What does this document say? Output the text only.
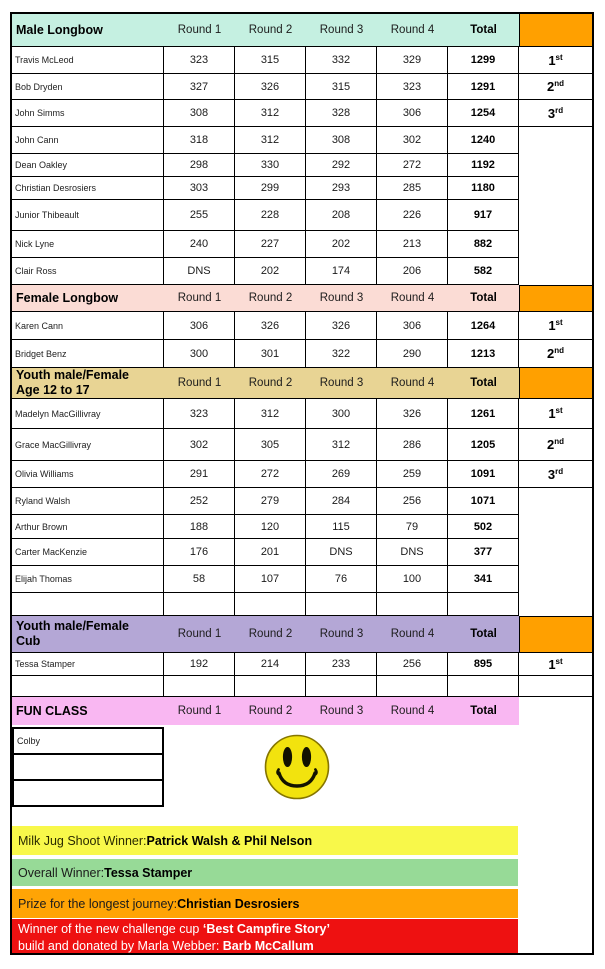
Male Longbow	Round 1	Round 2	Round 3	Round 4	Total
Travis McLeod	323	315	332	329	1299	1 st
Bob Dryden	327	326	315	323	1291	2 nd
John Simms	308	312	328	306	1254	3 rd
John Cann	318	312	308	302	1240
Dean Oakley	298	330	292	272	1192
Christian Desrosiers	303	299	293	285	1180
Junior Thibeault	255	228	208	226	917
Nick Lyne	240	227	202	213	882
Clair Ross	DNS	202	174	206	582
Female Longbow	Round 1	Round 2	Round 3	Round 4	Total
Karen Cann	306	326	326	306	1264	1 st
Bridget Benz	300	301	322	290	1213	2 nd
Youth male/Female
Age 12 to 17	Round 1	Round 2	Round 3	Round 4	Total
Madelyn MacGillivray	323	312	300	326	1261	1 st
Grace MacGillivray	302	305	312	286	1205	2 nd
Olivia Williams	291	272	269	259	1091	3 rd
Ryland Walsh	252	279	284	256	1071
Arthur Brown	188	120	115	79	502
Carter MacKenzie	176	201	DNS	DNS	377
Elijah Thomas	58	107	76	100	341
Youth male/Female
Cub	Round 1	Round 2	Round 3	Round 4	Total
Tessa Stamper	192	214	233	256	895	1 st
FUN CLASS	Round 1	Round 2	Round 3	Round 4	Total
Colby
Milk Jug Shoot Winner: Patrick Walsh & Phil Nelson
Overall Winner: Tessa Stamper
Prize for the longest journey: Christian Desrosiers
Winner of the new challenge cup ‘Best Campfire Story’
build and donated by Marla Webber: Barb McCallum
